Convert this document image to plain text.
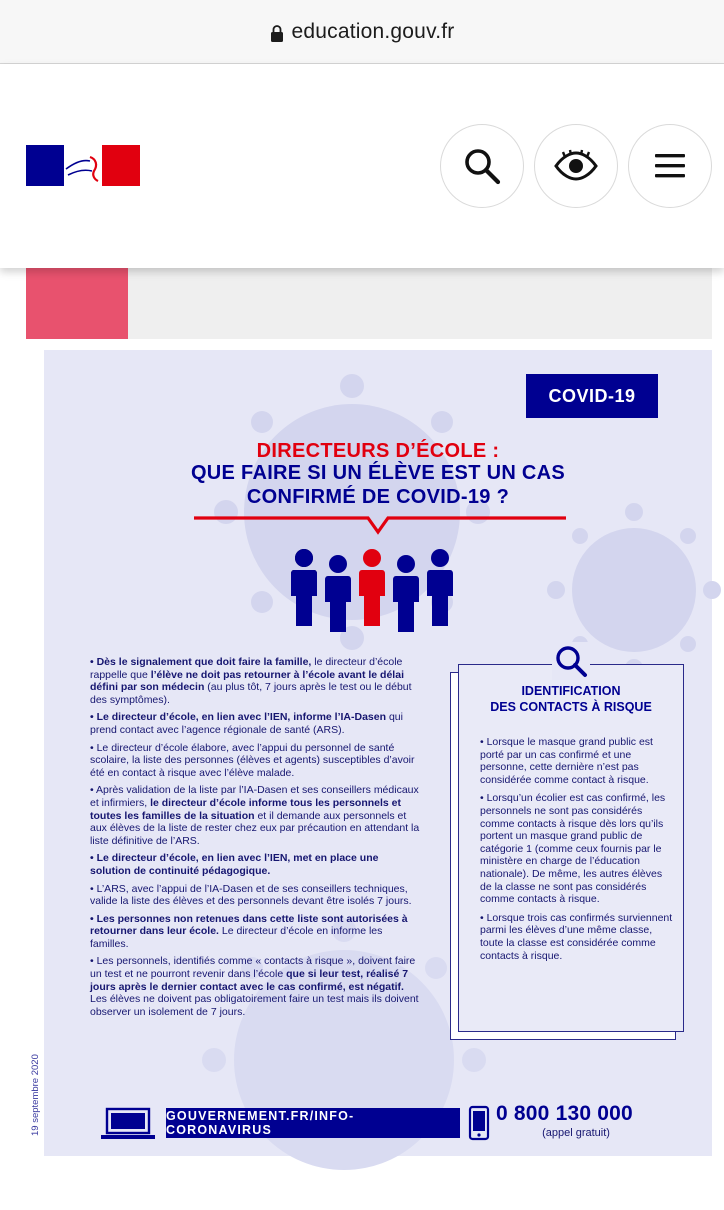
education.gouv.fr
COVID-19
DIRECTEURS D’ÉCOLE :
QUE FAIRE SI UN ÉLÈVE EST UN CAS
CONFIRMÉ DE COVID-19 ?

• Dès le signalement que doit faire la famille, le directeur d’école rappelle que l’élève ne doit pas retourner à l’école avant le délai défini par son médecin (au plus tôt, 7 jours après le test ou le début des symptômes).

• Le directeur d’école, en lien avec l’IEN, informe l’IA-Dasen qui prend contact avec l’agence régionale de santé (ARS).

• Le directeur d’école élabore, avec l’appui du personnel de santé scolaire, la liste des personnes (élèves et agents) susceptibles d’avoir été en contact à risque avec l’élève malade.

• Après validation de la liste par l’IA-Dasen et ses conseillers médicaux et infirmiers, le directeur d’école informe tous les personnels et toutes les familles de la situation et il demande aux personnels et aux élèves de la liste de rester chez eux par précaution en attendant la liste définitive de l’ARS.

• Le directeur d’école, en lien avec l’IEN, met en place une solution de continuité pédagogique.

• L’ARS, avec l’appui de l’IA-Dasen et de ses conseillers techniques, valide la liste des élèves et des personnels devant être isolés 7 jours.

• Les personnes non retenues dans cette liste sont autorisées à retourner dans leur école. Le directeur d’école en informe les familles.

• Les personnels, identifiés comme « contacts à risque », doivent faire un test et ne pourront revenir dans l’école que si leur test, réalisé 7 jours après le dernier contact avec le cas confirmé, est négatif. Les élèves ne doivent pas obligatoirement faire un test mais ils doivent observer un isolement de 7 jours.

IDENTIFICATION
DES CONTACTS À RISQUE

• Lorsque le masque grand public est porté par un cas confirmé et une personne, cette dernière n’est pas considérée comme contact à risque.

• Lorsqu’un écolier est cas confirmé, les personnels ne sont pas considérés comme contacts à risque dès lors qu’ils portent un masque grand public de catégorie 1 (comme ceux fournis par le ministère en charge de l’éducation nationale). De même, les autres élèves de la classe ne sont pas considérés comme contacts à risque.

• Lorsque trois cas confirmés surviennent parmi les élèves d’une même classe, toute la classe est considérée comme contacts à risque.

19 septembre 2020	GOUVERNEMENT.FR/INFO-CORONAVIRUS
0 800 130 000
(appel gratuit)
